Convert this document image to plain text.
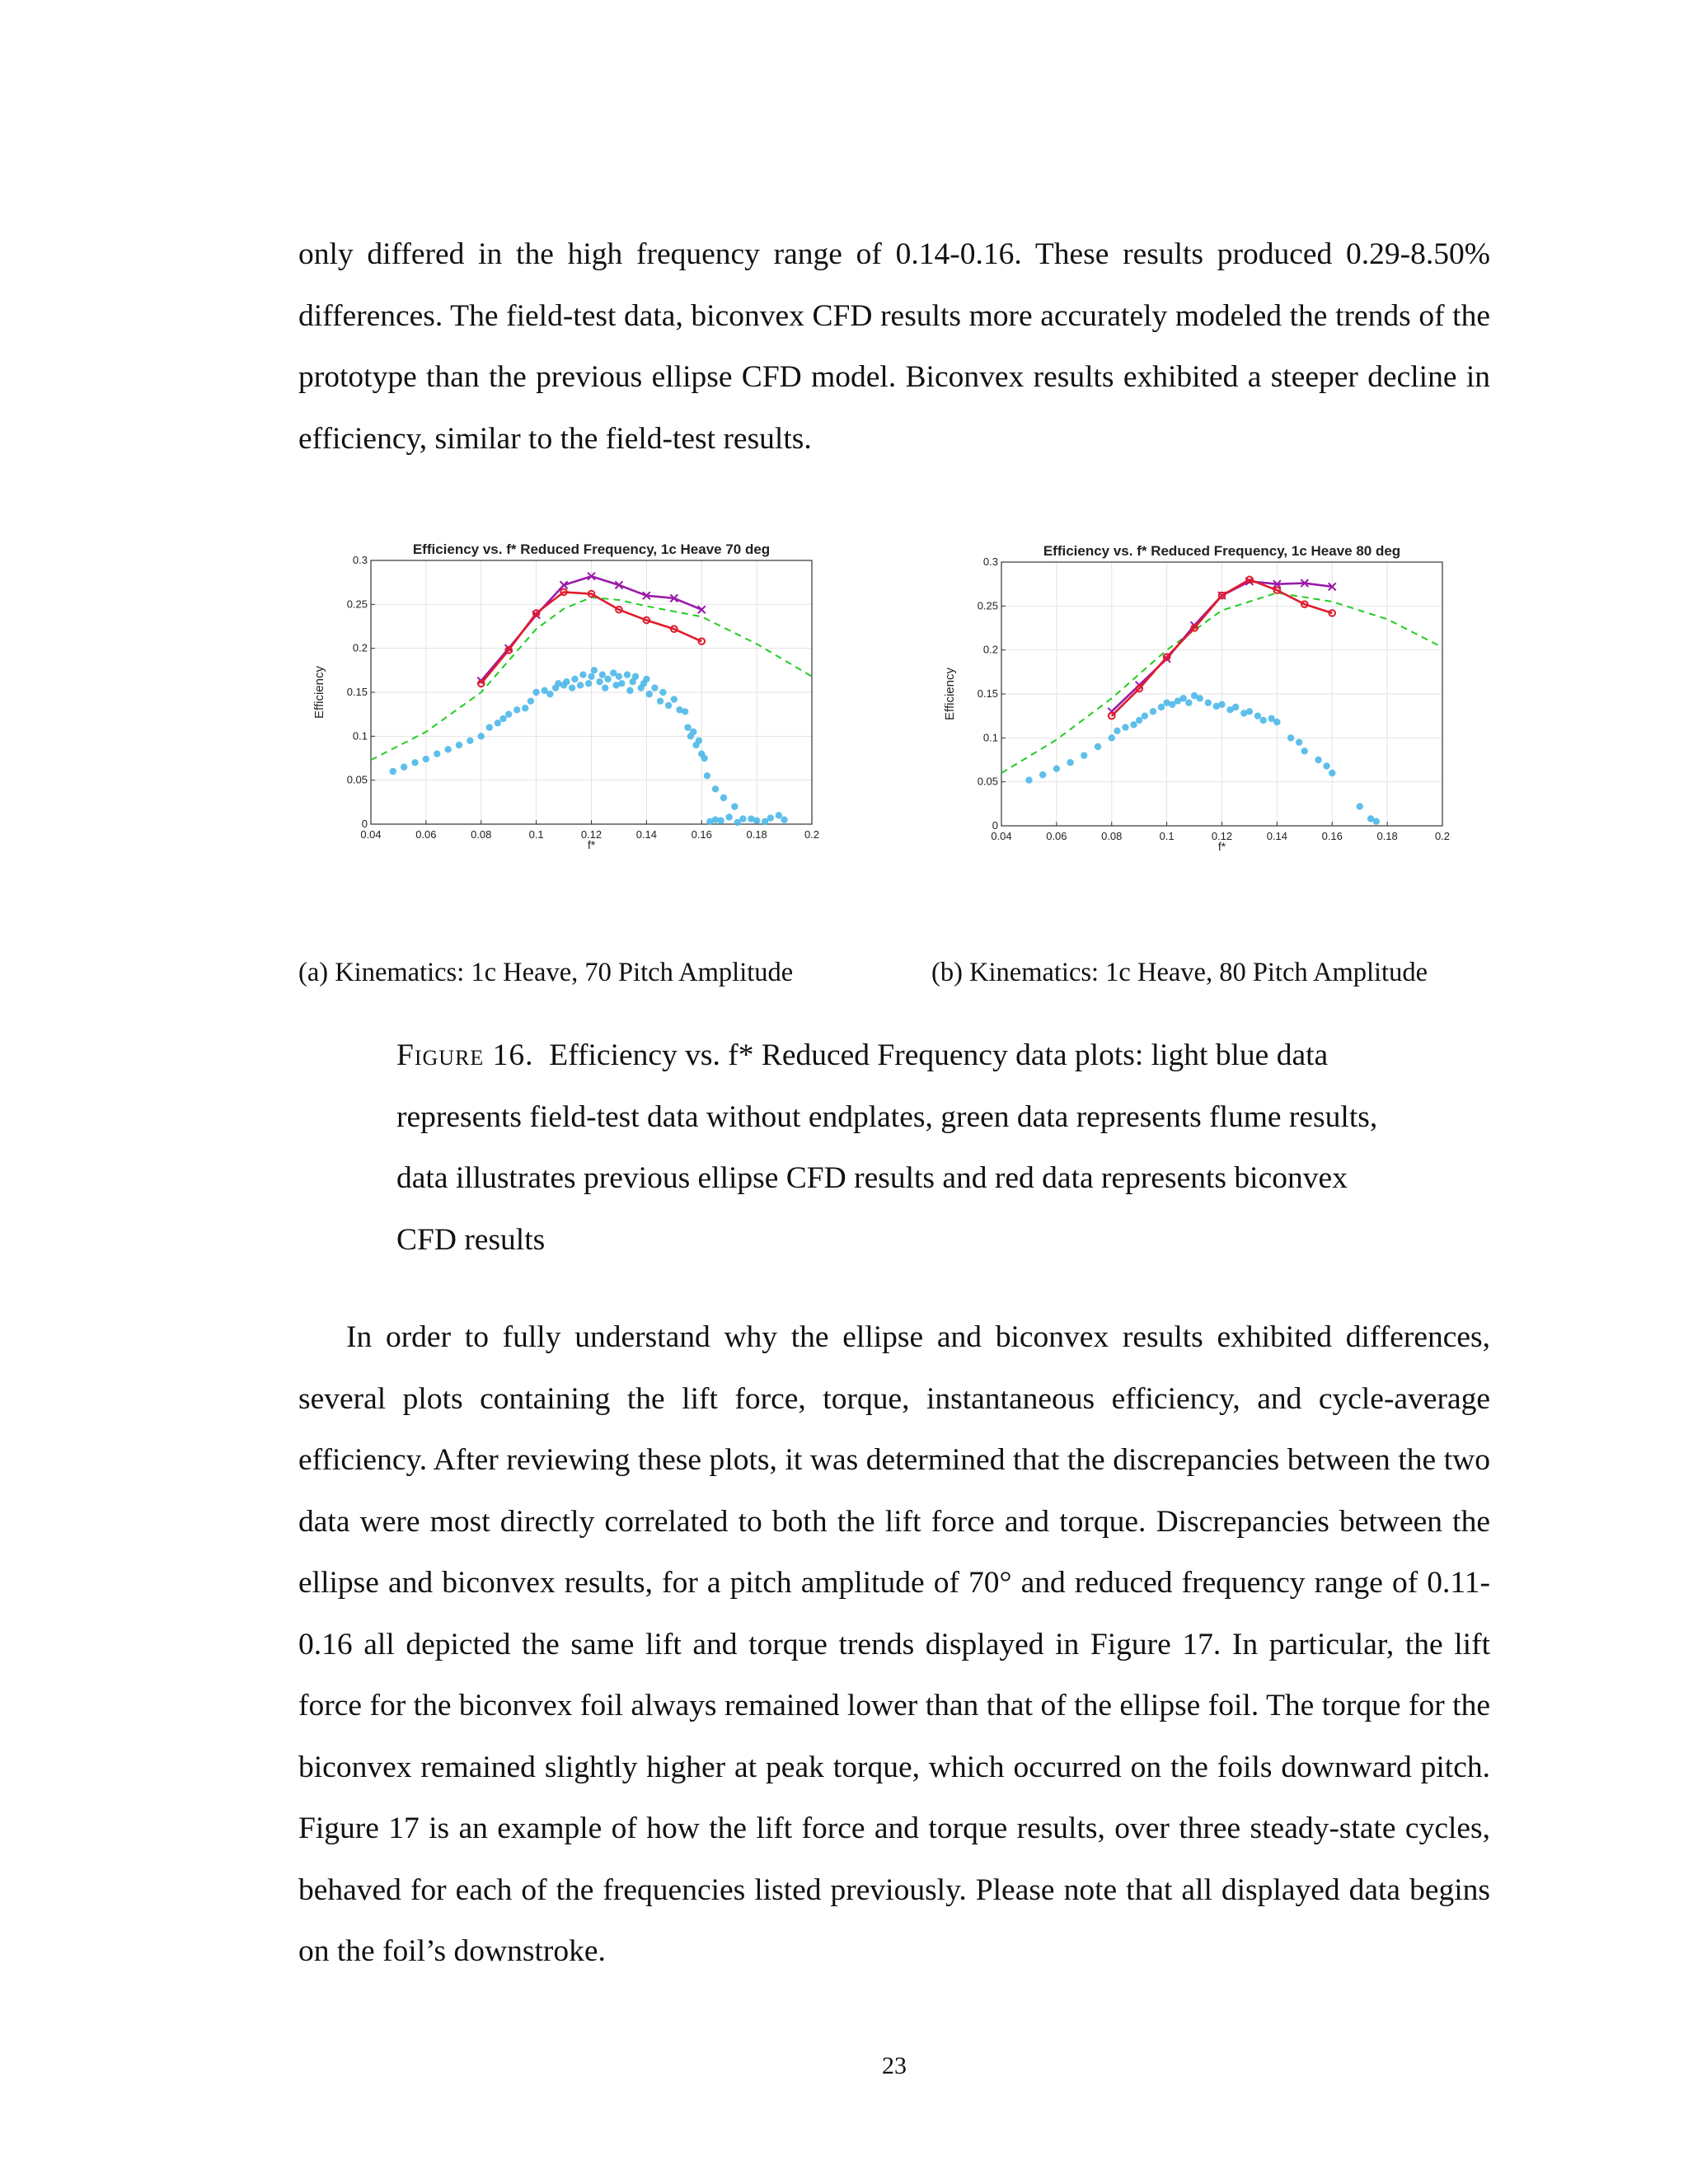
only differed in the high frequency range of 0.14-0.16. These results produced 0.29-8.50% differences. The field-test data, biconvex CFD results more accurately modeled the trends of the prototype than the previous ellipse CFD model. Biconvex results exhibited a steeper decline in efficiency, similar to the field-test results.

Efficiency vs. f* Reduced Frequency, 1c Heave 70 deg
0.04	0.06	0.08	0.1	0.12	0.14	0.16	0.18	0.2
0
0.05
0.1
0.15
0.2
0.25
0.3
f*
Efficiency
Efficiency vs. f* Reduced Frequency, 1c Heave 80 deg
0.04	0.06	0.08	0.1	0.12	0.14	0.16	0.18	0.2
0
0.05
0.1
0.15
0.2
0.25
0.3
f*
Efficiency
(a) Kinematics: 1c Heave, 70 Pitch Amplitude	(b) Kinematics: 1c Heave, 80 Pitch Amplitude

Figure 16. Efficiency vs. f* Reduced Frequency data plots: light blue data represents field-test data without endplates, green data represents flume results, data illustrates previous ellipse CFD results and red data represents biconvex CFD results

In order to fully understand why the ellipse and biconvex results exhibited differences, several plots containing the lift force, torque, instantaneous efficiency, and cycle-average efficiency. After reviewing these plots, it was determined that the discrepancies between the two data were most directly correlated to both the lift force and torque. Discrepancies between the ellipse and biconvex results, for a pitch amplitude of 70° and reduced frequency range of 0.11-0.16 all depicted the same lift and torque trends displayed in Figure 17. In particular, the lift force for the biconvex foil always remained lower than that of the ellipse foil. The torque for the biconvex remained slightly higher at peak torque, which occurred on the foils downward pitch. Figure 17 is an example of how the lift force and torque results, over three steady-state cycles, behaved for each of the frequencies listed previously. Please note that all displayed data begins on the foil’s downstroke.

23
